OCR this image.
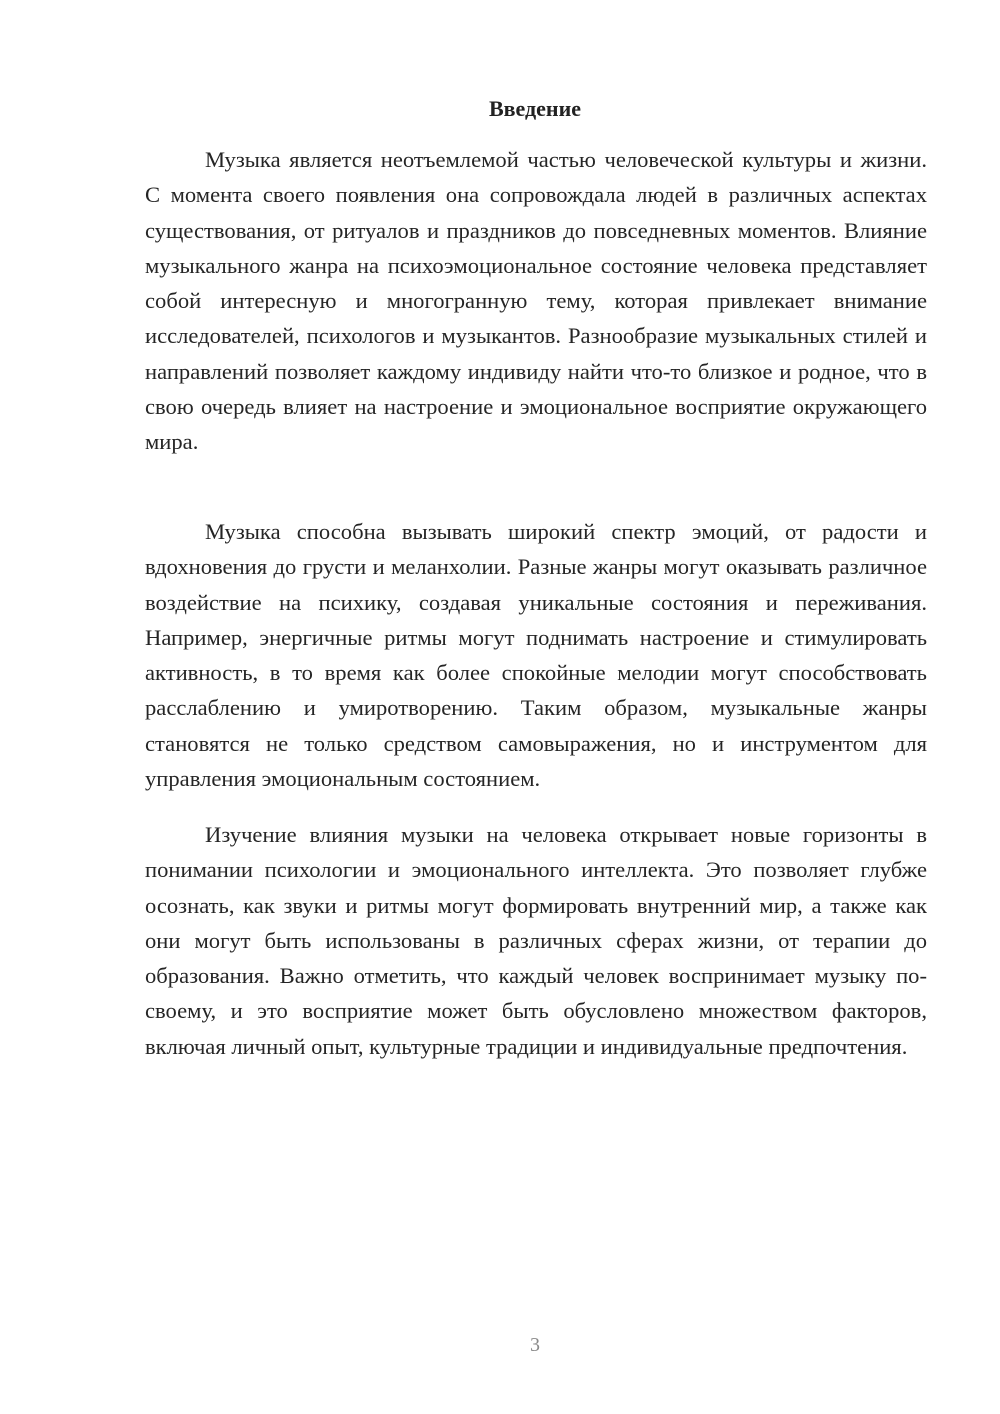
Введение

Музыка является неотъемлемой частью человеческой культуры и жизни. С момента своего появления она сопровождала людей в различных аспектах существования, от ритуалов и праздников до повседневных моментов. Влияние музыкального жанра на психоэмоциональное состояние человека представляет собой интересную и многогранную тему, которая привлекает внимание исследователей, психологов и музыкантов. Разнообразие музыкальных стилей и направлений позволяет каждому индивиду найти что-то близкое и родное, что в свою очередь влияет на настроение и эмоциональное восприятие окружающего мира.

Музыка способна вызывать широкий спектр эмоций, от радости и вдохновения до грусти и меланхолии. Разные жанры могут оказывать различное воздействие на психику, создавая уникальные состояния и переживания. Например, энергичные ритмы могут поднимать настроение и стимулировать активность, в то время как более спокойные мелодии могут способствовать расслаблению и умиротворению. Таким образом, музыкальные жанры становятся не только средством самовыражения, но и инструментом для управления эмоциональным состоянием.

Изучение влияния музыки на человека открывает новые горизонты в понимании психологии и эмоционального интеллекта. Это позволяет глубже осознать, как звуки и ритмы могут формировать внутренний мир, а также как они могут быть использованы в различных сферах жизни, от терапии до образования. Важно отметить, что каждый человек воспринимает музыку по-своему, и это восприятие может быть обусловлено множеством факторов, включая личный опыт, культурные традиции и индивидуальные предпочтения.

3
